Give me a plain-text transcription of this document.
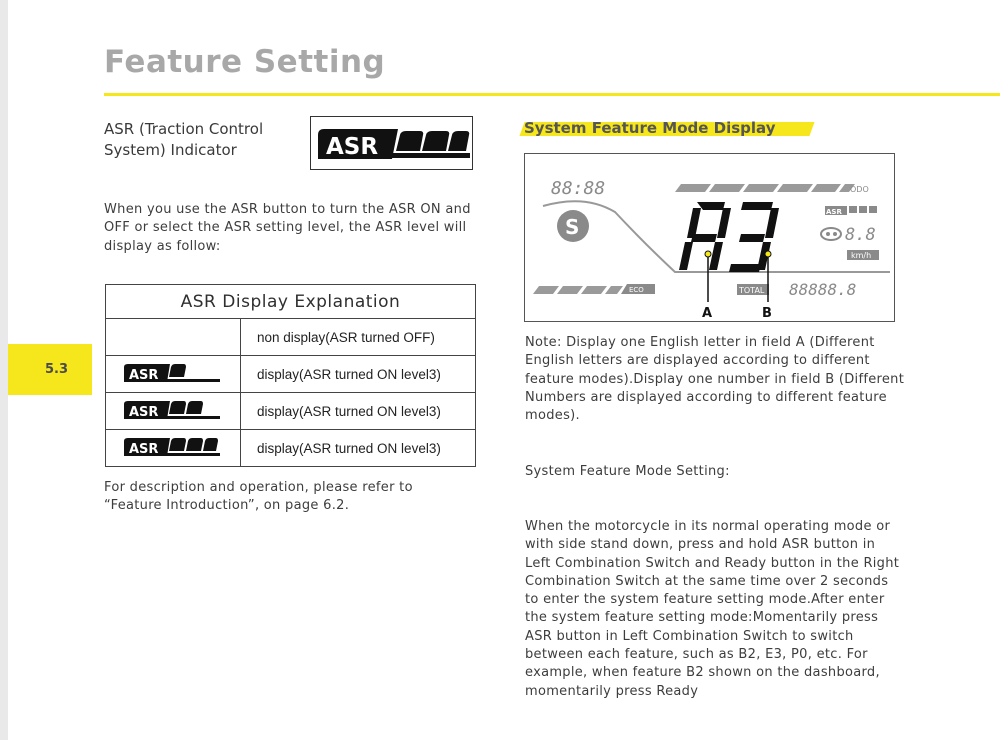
Feature Setting
5.3
ASR (Traction Control System) Indicator	ASR
When you use the ASR button to turn the ASR ON and OFF or select the ASR setting level, the ASR level will display as follow:
ASR Display Explanation	
	non display(ASR turned OFF)

ASR	display(ASR turned ON level3)

ASR	display(ASR turned ON level3)

ASR	display(ASR turned ON level3)
For description and operation, please refer to “Feature Introduction”, on page 6.2.
System Feature Mode Display
88:88
S
ODO
ASR
8.8
km/h
ECO	TOTAL 88888.8
A	B
Note: Display one English letter in field A (Different English letters are displayed according to different feature modes).Display one number in field B (Different Numbers are displayed according to different feature modes).
System Feature Mode Setting:
When the motorcycle in its normal operating mode or with side stand down, press and hold ASR button in Left Combination Switch and Ready button in the Right Combination Switch at the same time over 2 seconds to enter the system feature setting mode.After enter the system feature setting mode:Momentarily press ASR button in Left Combination Switch to switch between each feature, such as B2, E3, P0, etc. For example, when feature B2 shown on the dashboard, momentarily press Ready
